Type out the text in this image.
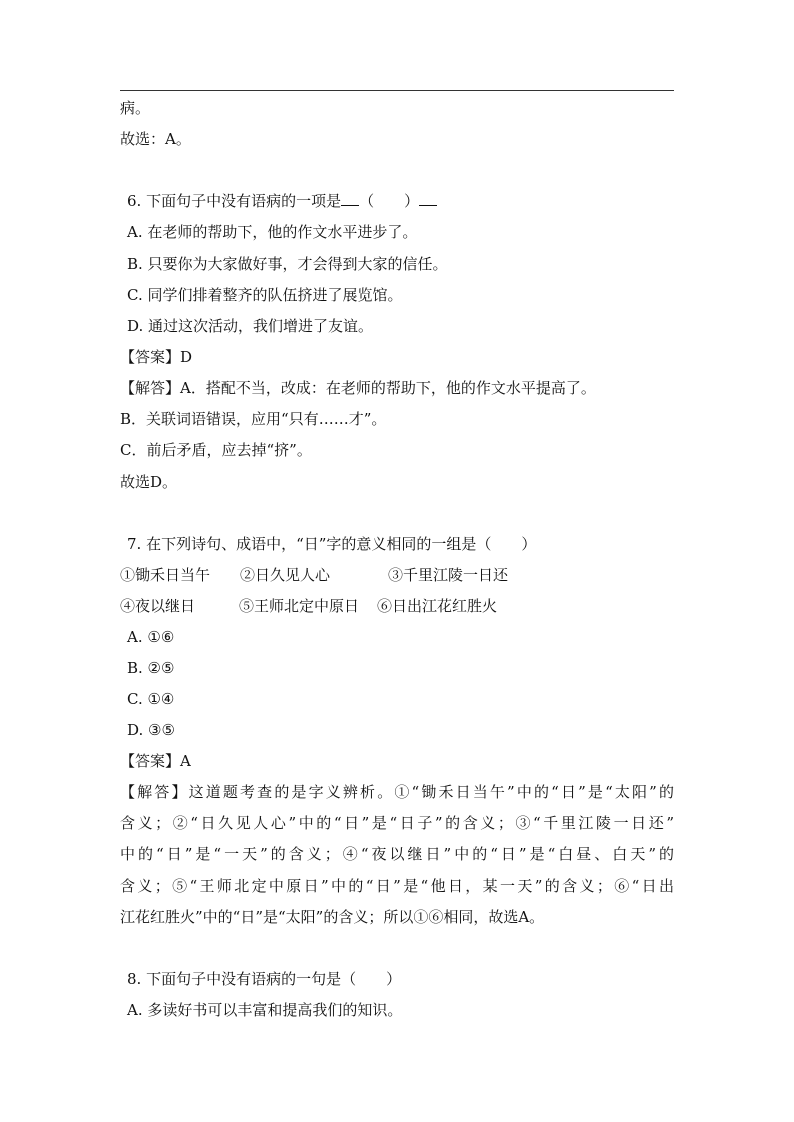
病。
故选：A。
6. 下面句子中没有语病的一项是 （　　）
A. 在老师的帮助下，他的作文水平进步了。
B. 只要你为大家做好事，才会得到大家的信任。
C. 同学们排着整齐的队伍挤进了展览馆。
D. 通过这次活动，我们增进了友谊。
【答案】D
【解答】A．搭配不当，改成：在老师的帮助下，他的作文水平提高了。
B．关联词语错误，应用“只有……才”。
C．前后矛盾，应去掉“挤”。
故选D。
7. 在下列诗句、成语中，“日”字的意义相同的一组是（　　）
①锄禾日当午 ②日久见人心	③千里江陵一日还
④夜以继日	⑤王师北定中原日 ⑥日出江花红胜火
A. ①⑥
B. ②⑤
C. ①④
D. ③⑤
【答案】A
【解答】这道题考查的是字义辨析。①“锄禾日当午”中的“日”是“太阳”的
含义；②“日久见人心”中的“日”是“日子”的含义；③“千里江陵一日还”
中的“日”是“一天”的含义；④“夜以继日”中的“日”是“白昼、白天”的
含义；⑤“王师北定中原日”中的“日”是“他日，某一天”的含义；⑥“日出
江花红胜火”中的“日”是“太阳”的含义；所以①⑥相同，故选A。
8. 下面句子中没有语病的一句是（　　）
A. 多读好书可以丰富和提高我们的知识。
